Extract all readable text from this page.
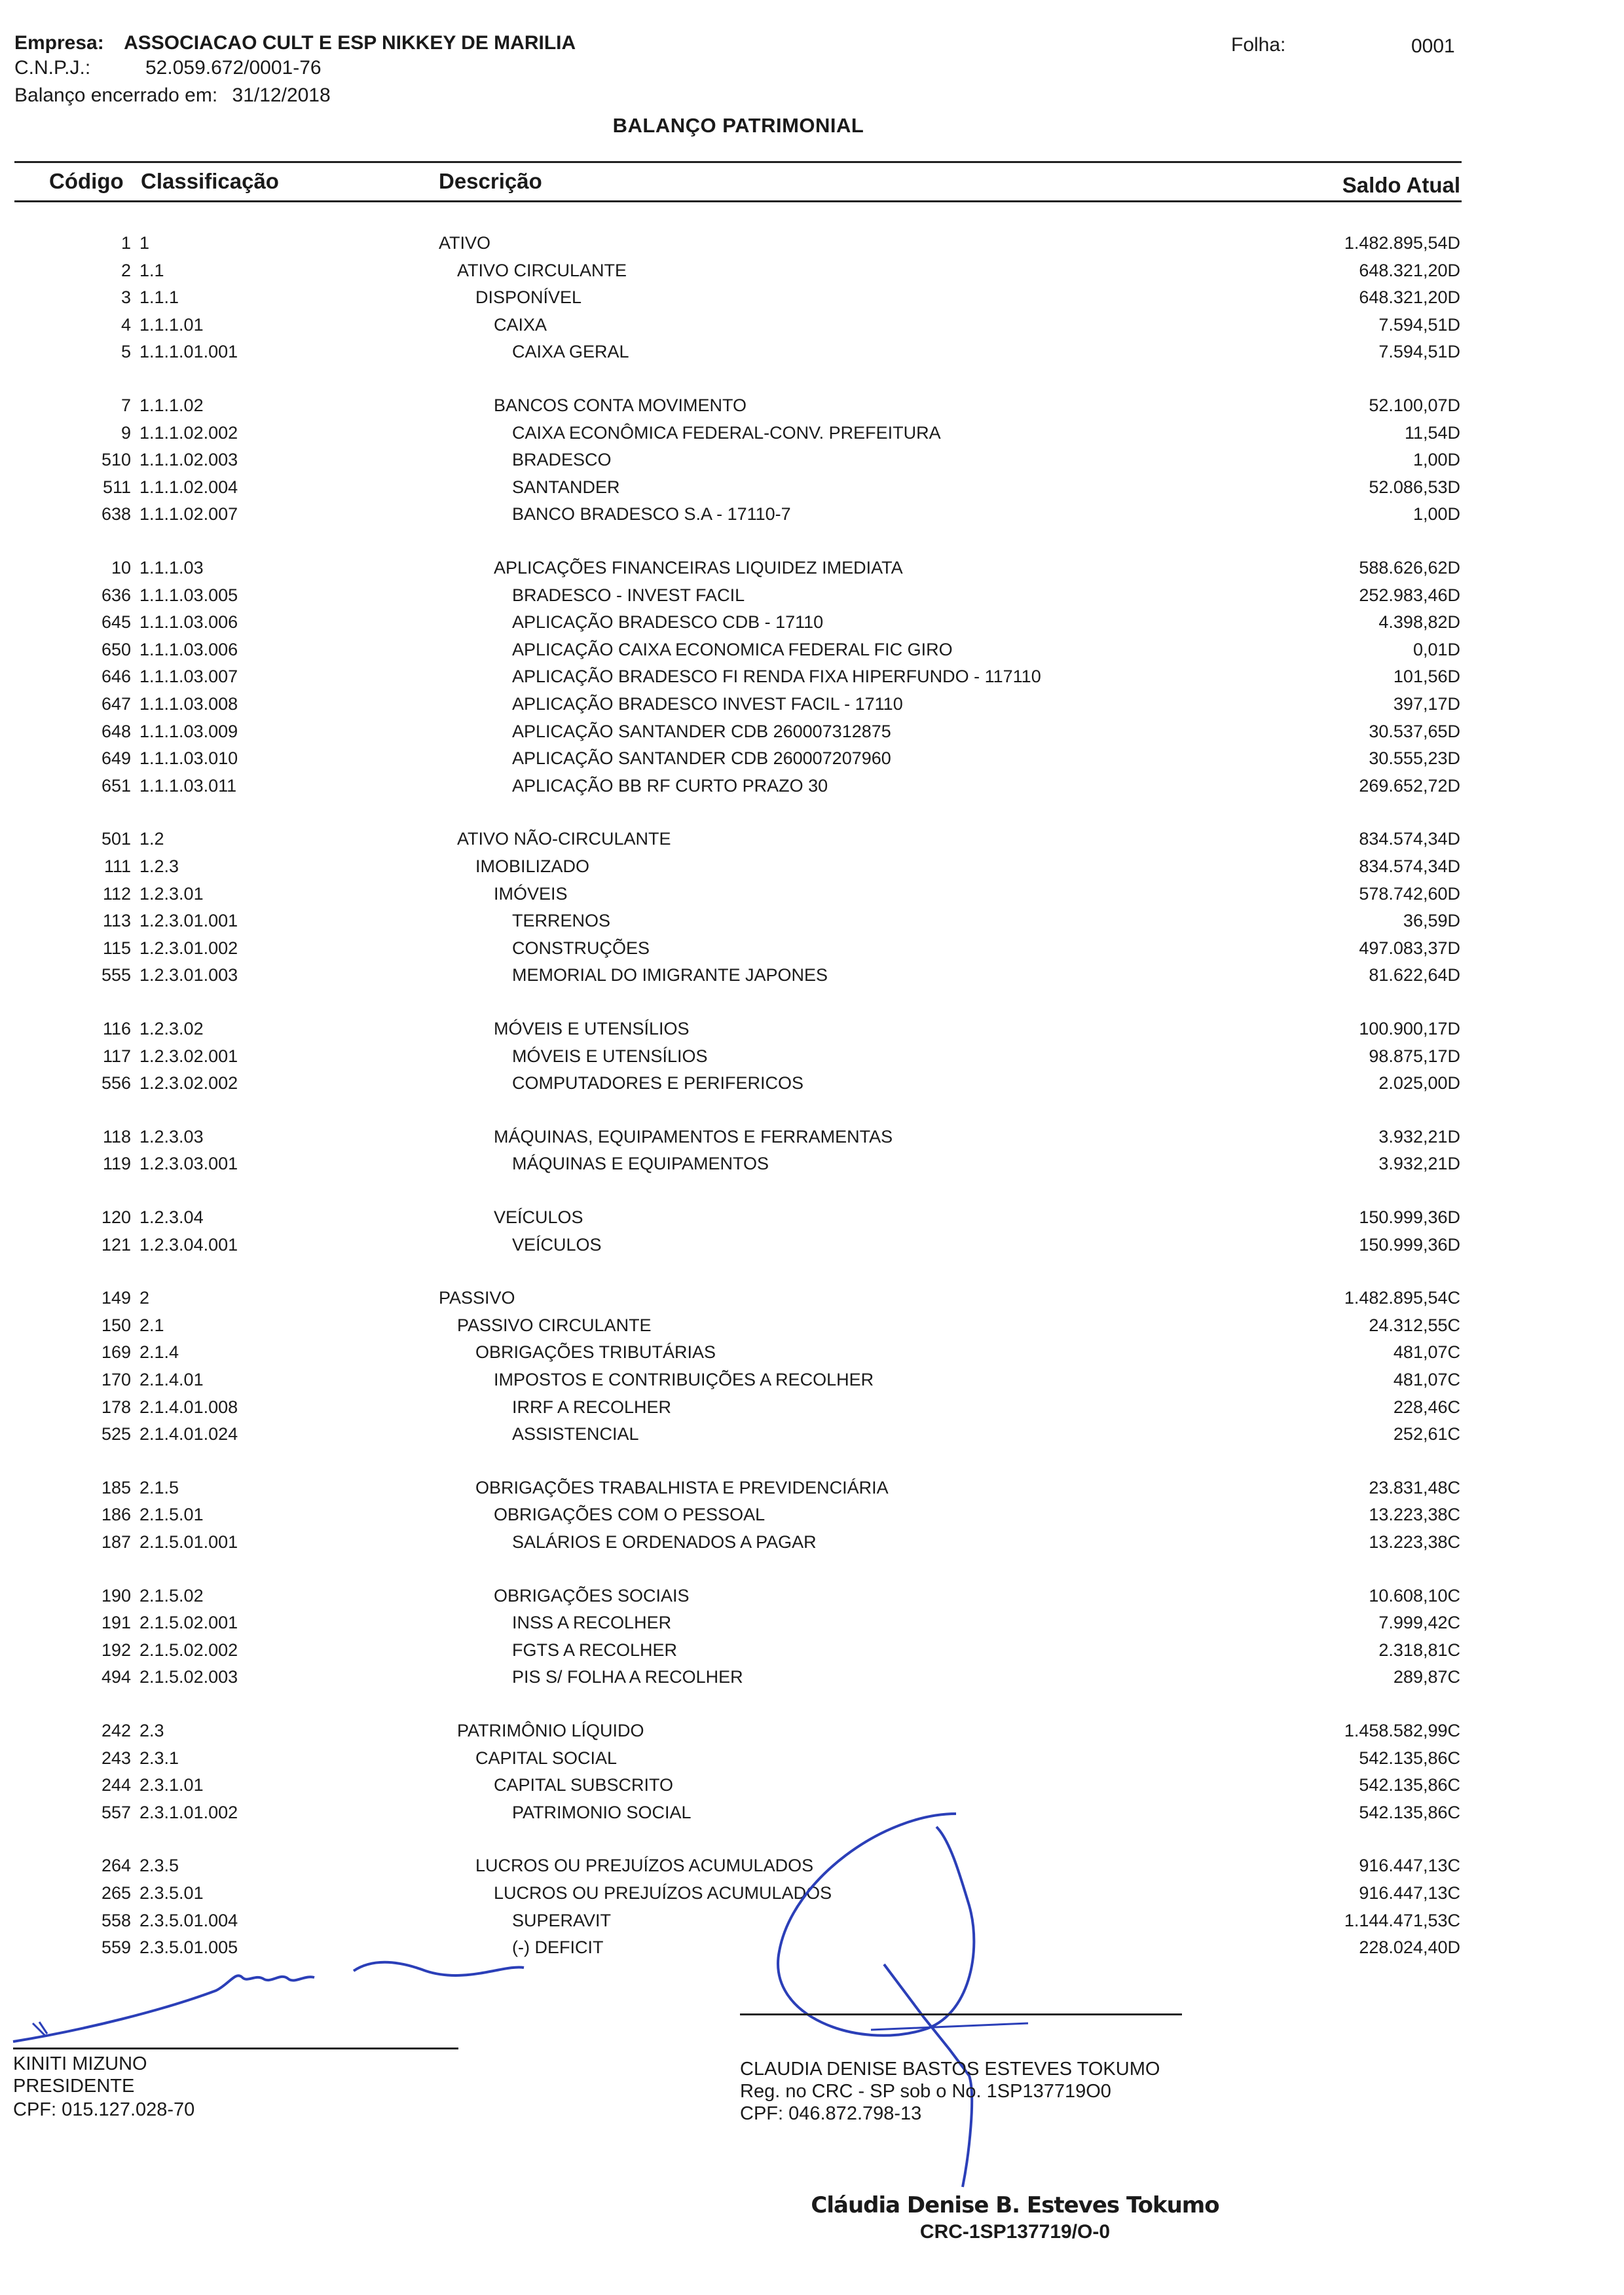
Empresa: ASSOCIACAO CULT E ESP NIKKEY DE MARILIA
C.N.P.J.:	52.059.672/0001-76
Balanço encerrado em: 31/12/2018
Folha:	0001
BALANÇO PATRIMONIAL
Código Classificação	Descrição	Saldo Atual
1 1	ATIVO	1.482.895,54D
2 1.1	ATIVO CIRCULANTE	648.321,20D
3 1.1.1	DISPONÍVEL	648.321,20D
4 1.1.1.01	CAIXA	7.594,51D
5 1.1.1.01.001	CAIXA GERAL	7.594,51D
7 1.1.1.02	BANCOS CONTA MOVIMENTO	52.100,07D
9 1.1.1.02.002	CAIXA ECONÔMICA FEDERAL-CONV. PREFEITURA	11,54D
510 1.1.1.02.003	BRADESCO	1,00D
511 1.1.1.02.004	SANTANDER	52.086,53D
638 1.1.1.02.007	BANCO BRADESCO S.A - 17110-7	1,00D
10 1.1.1.03	APLICAÇÕES FINANCEIRAS LIQUIDEZ IMEDIATA	588.626,62D
636 1.1.1.03.005	BRADESCO - INVEST FACIL	252.983,46D
645 1.1.1.03.006	APLICAÇÃO BRADESCO CDB - 17110	4.398,82D
650 1.1.1.03.006	APLICAÇÃO CAIXA ECONOMICA FEDERAL FIC GIRO	0,01D
646 1.1.1.03.007	APLICAÇÃO BRADESCO FI RENDA FIXA HIPERFUNDO - 117110	101,56D
647 1.1.1.03.008	APLICAÇÃO BRADESCO INVEST FACIL - 17110	397,17D
648 1.1.1.03.009	APLICAÇÃO SANTANDER CDB 260007312875	30.537,65D
649 1.1.1.03.010	APLICAÇÃO SANTANDER CDB 260007207960	30.555,23D
651 1.1.1.03.011	APLICAÇÃO BB RF CURTO PRAZO 30	269.652,72D
501 1.2	ATIVO NÃO-CIRCULANTE	834.574,34D
111 1.2.3	IMOBILIZADO	834.574,34D
112 1.2.3.01	IMÓVEIS	578.742,60D
113 1.2.3.01.001	TERRENOS	36,59D
115 1.2.3.01.002	CONSTRUÇÕES	497.083,37D
555 1.2.3.01.003	MEMORIAL DO IMIGRANTE JAPONES	81.622,64D
116 1.2.3.02	MÓVEIS E UTENSÍLIOS	100.900,17D
117 1.2.3.02.001	MÓVEIS E UTENSÍLIOS	98.875,17D
556 1.2.3.02.002	COMPUTADORES E PERIFERICOS	2.025,00D
118 1.2.3.03	MÁQUINAS, EQUIPAMENTOS E FERRAMENTAS	3.932,21D
119 1.2.3.03.001	MÁQUINAS E EQUIPAMENTOS	3.932,21D
120 1.2.3.04	VEÍCULOS	150.999,36D
121 1.2.3.04.001	VEÍCULOS	150.999,36D
149 2	PASSIVO	1.482.895,54C
150 2.1	PASSIVO CIRCULANTE	24.312,55C
169 2.1.4	OBRIGAÇÕES TRIBUTÁRIAS	481,07C
170 2.1.4.01	IMPOSTOS E CONTRIBUIÇÕES A RECOLHER	481,07C
178 2.1.4.01.008	IRRF A RECOLHER	228,46C
525 2.1.4.01.024	ASSISTENCIAL	252,61C
185 2.1.5	OBRIGAÇÕES TRABALHISTA E PREVIDENCIÁRIA	23.831,48C
186 2.1.5.01	OBRIGAÇÕES COM O PESSOAL	13.223,38C
187 2.1.5.01.001	SALÁRIOS E ORDENADOS A PAGAR	13.223,38C
190 2.1.5.02	OBRIGAÇÕES SOCIAIS	10.608,10C
191 2.1.5.02.001	INSS A RECOLHER	7.999,42C
192 2.1.5.02.002	FGTS A RECOLHER	2.318,81C
494 2.1.5.02.003	PIS S/ FOLHA A RECOLHER	289,87C
242 2.3	PATRIMÔNIO LÍQUIDO	1.458.582,99C
243 2.3.1	CAPITAL SOCIAL	542.135,86C
244 2.3.1.01	CAPITAL SUBSCRITO	542.135,86C
557 2.3.1.01.002	PATRIMONIO SOCIAL	542.135,86C
264 2.3.5	LUCROS OU PREJUÍZOS ACUMULADOS	916.447,13C
265 2.3.5.01	LUCROS OU PREJUÍZOS ACUMULADOS	916.447,13C
558 2.3.5.01.004	SUPERAVIT	1.144.471,53C
559 2.3.5.01.005	(-) DEFICIT	228.024,40D
KINITI MIZUNO
PRESIDENTE
CPF: 015.127.028-70
CLAUDIA DENISE BASTOS ESTEVES TOKUMO
Reg. no CRC - SP sob o No. 1SP137719O0
CPF: 046.872.798-13
Cláudia Denise B. Esteves Tokumo
CRC-1SP137719/O-0
